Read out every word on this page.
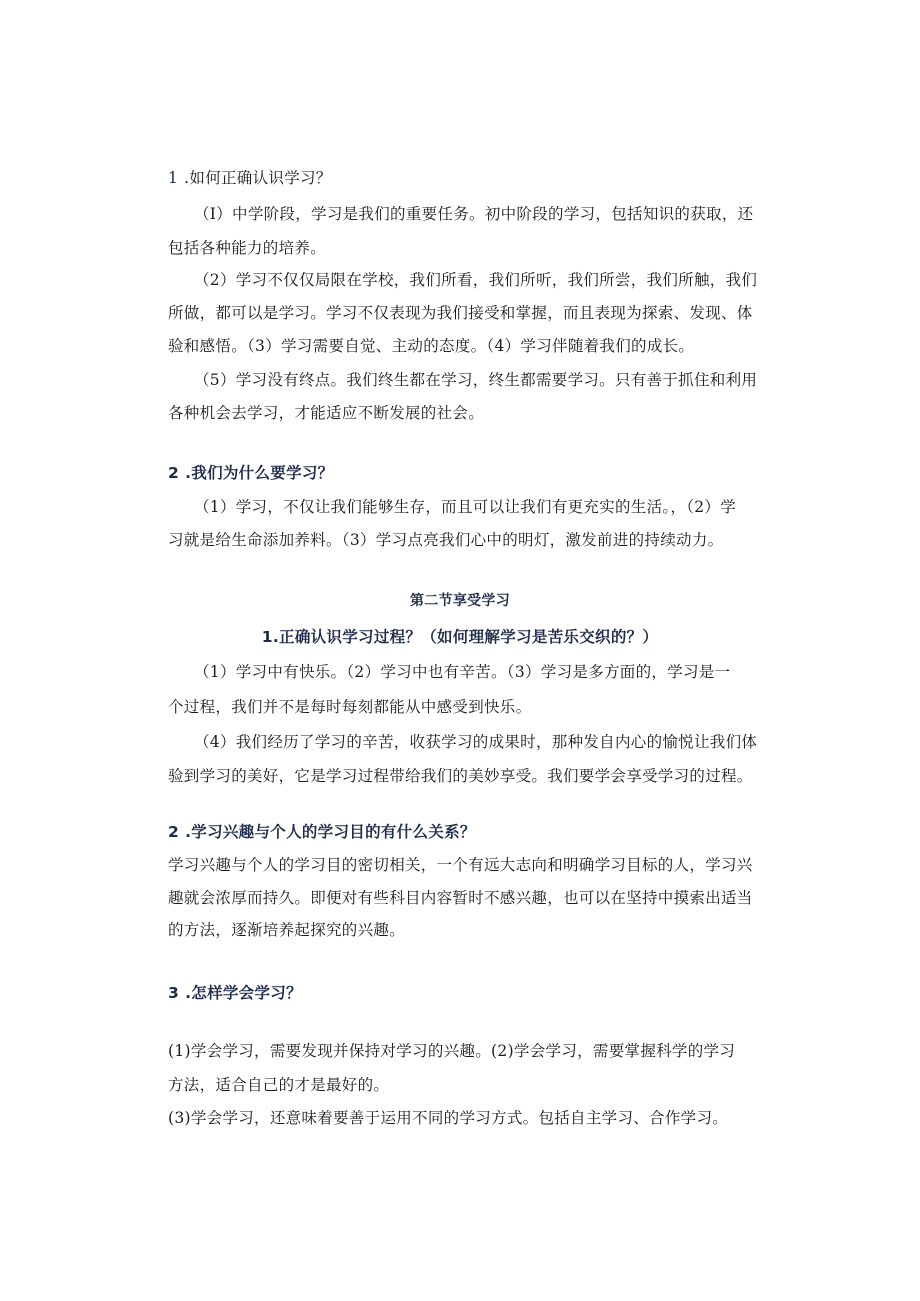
1 .如何正确认识学习？
（I）中学阶段，学习是我们的重要任务。初中阶段的学习，包括知识的获取，还
包括各种能力的培养。
（2）学习不仅仅局限在学校，我们所看，我们所听，我们所尝，我们所触，我们
所做，都可以是学习。学习不仅表现为我们接受和掌握，而且表现为探索、发现、体
验和感悟。（3）学习需要自觉、主动的态度。（4）学习伴随着我们的成长。
（5）学习没有终点。我们终生都在学习，终生都需要学习。只有善于抓住和利用
各种机会去学习，才能适应不断发展的社会。
2 .我们为什么要学习？
（1）学习，不仅让我们能够生存，而且可以让我们有更充实的生活。，（2）学
习就是给生命添加养料。（3）学习点亮我们心中的明灯，激发前进的持续动力。
第二节享受学习
1.正确认识学习过程？（如何理解学习是苦乐交织的？）
（1）学习中有快乐。（2）学习中也有辛苦。（3）学习是多方面的，学习是一
个过程，我们并不是每时每刻都能从中感受到快乐。
（4）我们经历了学习的辛苦，收获学习的成果时，那种发自内心的愉悦让我们体
验到学习的美好，它是学习过程带给我们的美妙享受。我们要学会享受学习的过程。
2 .学习兴趣与个人的学习目的有什么关系？
学习兴趣与个人的学习目的密切相关，一个有远大志向和明确学习目标的人，学习兴
趣就会浓厚而持久。即便对有些科目内容暂时不感兴趣，也可以在坚持中摸索出适当
的方法，逐渐培养起探究的兴趣。
3 .怎样学会学习？
(1)学会学习，需要发现并保持对学习的兴趣。(2)学会学习，需要掌握科学的学习
方法，适合自己的才是最好的。
(3)学会学习，还意味着要善于运用不同的学习方式。包括自主学习、合作学习。
